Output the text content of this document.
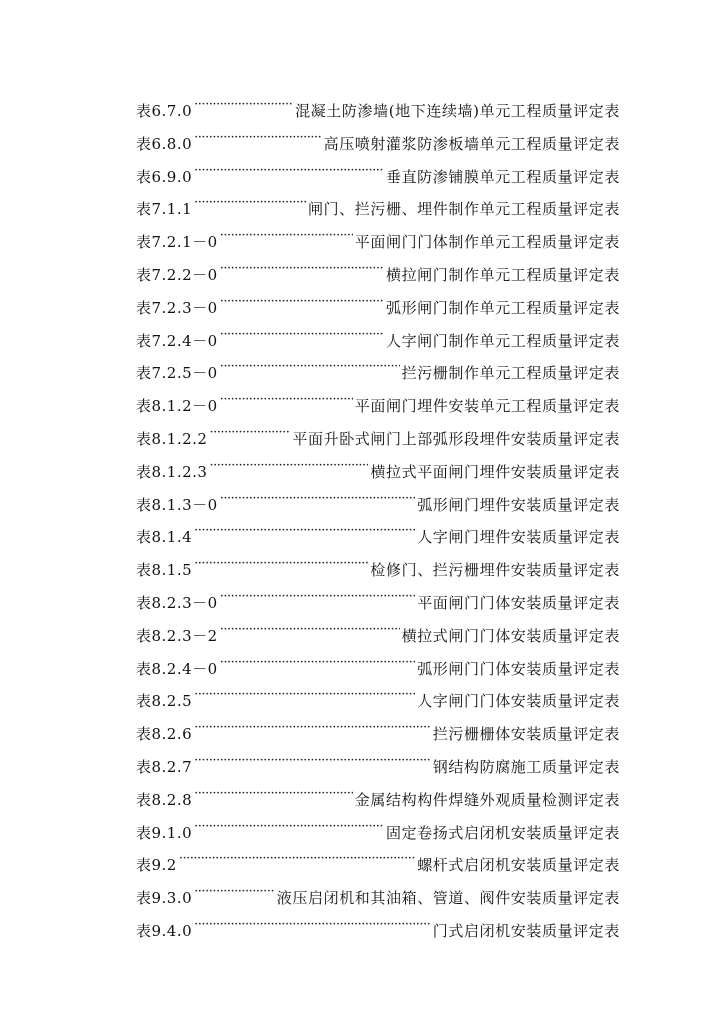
表6.7.0 ·····	混凝土防渗墙(地下连续墙)单元工程质量评定表
表6.8.0 ·····	高压喷射灌浆防渗板墙单元工程质量评定表
表6.9.0 ·····	垂直防渗铺膜单元工程质量评定表
表7.1.1 ·····	闸门、拦污栅、埋件制作单元工程质量评定表
表7.2.1－0 ·····	平面闸门门体制作单元工程质量评定表
表7.2.2－0 ·····	横拉闸门制作单元工程质量评定表
表7.2.3－0 ·····	弧形闸门制作单元工程质量评定表
表7.2.4－0 ·····	人字闸门制作单元工程质量评定表
表7.2.5－0 ·····	拦污栅制作单元工程质量评定表
表8.1.2－0 ·····	平面闸门埋件安装单元工程质量评定表
表8.1.2.2 ·····	平面升卧式闸门上部弧形段埋件安装质量评定表
表8.1.2.3 ·····	横拉式平面闸门埋件安装质量评定表
表8.1.3－0 ·····	弧形闸门埋件安装质量评定表
表8.1.4 ·····	人字闸门埋件安装质量评定表
表8.1.5 ·····	检修门、拦污栅埋件安装质量评定表
表8.2.3－0 ·····	平面闸门门体安装质量评定表
表8.2.3－2 ·····	横拉式闸门门体安装质量评定表
表8.2.4－0 ·····	弧形闸门门体安装质量评定表
表8.2.5 ·····	人字闸门门体安装质量评定表
表8.2.6 ·····	拦污栅栅体安装质量评定表
表8.2.7 ·····	钢结构防腐施工质量评定表
表8.2.8 ·····	金属结构构件焊缝外观质量检测评定表
表9.1.0 ·····	固定卷扬式启闭机安装质量评定表
表9.2 ·····	螺杆式启闭机安装质量评定表
表9.3.0 ·····	液压启闭机和其油箱、管道、阀件安装质量评定表
表9.4.0 ·····	门式启闭机安装质量评定表
